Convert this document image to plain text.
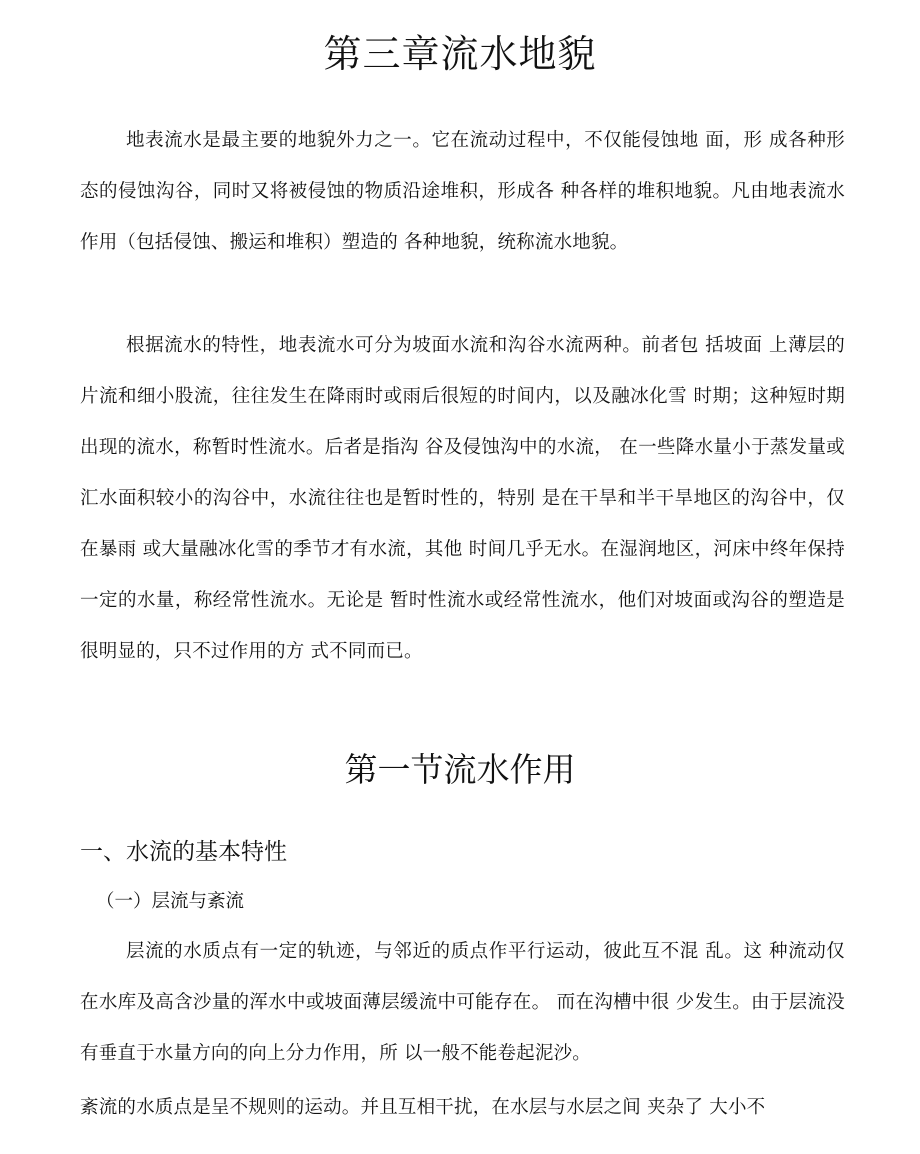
第三章流水地貌

地表流水是最主要的地貌外力之一。它在流动过程中，不仅能侵蚀地 面，形 成各种形态的侵蚀沟谷，同时又将被侵蚀的物质沿途堆积，形成各 种各样的堆积地貌。凡由地表流水作用（包括侵蚀、搬运和堆积）塑造的 各种地貌，统称流水地貌。

根据流水的特性，地表流水可分为坡面水流和沟谷水流两种。前者包 括坡面 上薄层的片流和细小股流，往往发生在降雨时或雨后很短的时间内，以及融冰化雪 时期；这种短时期出现的流水，称暂时性流水。后者是指沟 谷及侵蚀沟中的水流， 在一些降水量小于蒸发量或汇水面积较小的沟谷中，水流往往也是暂时性的，特别 是在干旱和半干旱地区的沟谷中，仅在暴雨 或大量融冰化雪的季节才有水流，其他 时间几乎无水。在湿润地区，河床中终年保持一定的水量，称经常性流水。无论是 暂时性流水或经常性流水，他们对坡面或沟谷的塑造是很明显的，只不过作用的方 式不同而已。

第一节流水作用
一、水流的基本特性
（一）层流与紊流

层流的水质点有一定的轨迹，与邻近的质点作平行运动，彼此互不混 乱。这 种流动仅在水库及高含沙量的浑水中或坡面薄层缓流中可能存在。 而在沟槽中很 少发生。由于层流没有垂直于水量方向的向上分力作用，所 以一般不能卷起泥沙。

紊流的水质点是呈不规则的运动。并且互相干扰，在水层与水层之间 夹杂了 大小不
